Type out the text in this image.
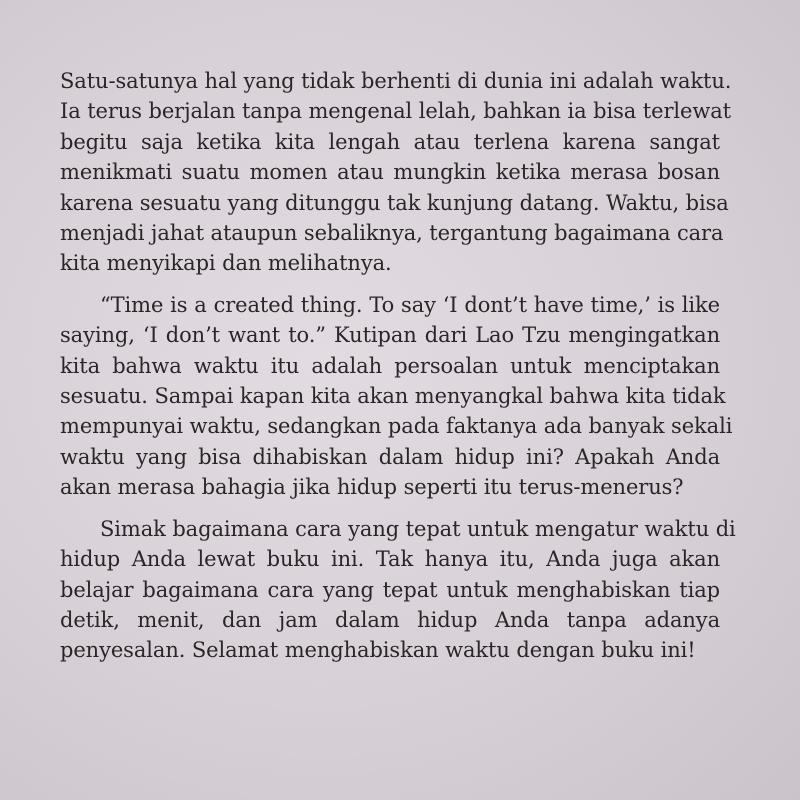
Satu-satunya hal yang tidak berhenti di dunia ini adalah waktu.
Ia terus berjalan tanpa mengenal lelah, bahkan ia bisa terlewat
begitu saja ketika kita lengah atau terlena karena sangat
menikmati suatu momen atau mungkin ketika merasa bosan
karena sesuatu yang ditunggu tak kunjung datang. Waktu, bisa
menjadi jahat ataupun sebaliknya, tergantung bagaimana cara
kita menyikapi dan melihatnya.

“Time is a created thing. To say ‘I dont’t have time,’ is like
saying, ‘I don’t want to.” Kutipan dari Lao Tzu mengingatkan
kita bahwa waktu itu adalah persoalan untuk menciptakan
sesuatu. Sampai kapan kita akan menyangkal bahwa kita tidak
mempunyai waktu, sedangkan pada faktanya ada banyak sekali
waktu yang bisa dihabiskan dalam hidup ini? Apakah Anda
akan merasa bahagia jika hidup seperti itu terus-menerus?

Simak bagaimana cara yang tepat untuk mengatur waktu di
hidup Anda lewat buku ini. Tak hanya itu, Anda juga akan
belajar bagaimana cara yang tepat untuk menghabiskan tiap
detik, menit, dan jam dalam hidup Anda tanpa adanya
penyesalan. Selamat menghabiskan waktu dengan buku ini!
